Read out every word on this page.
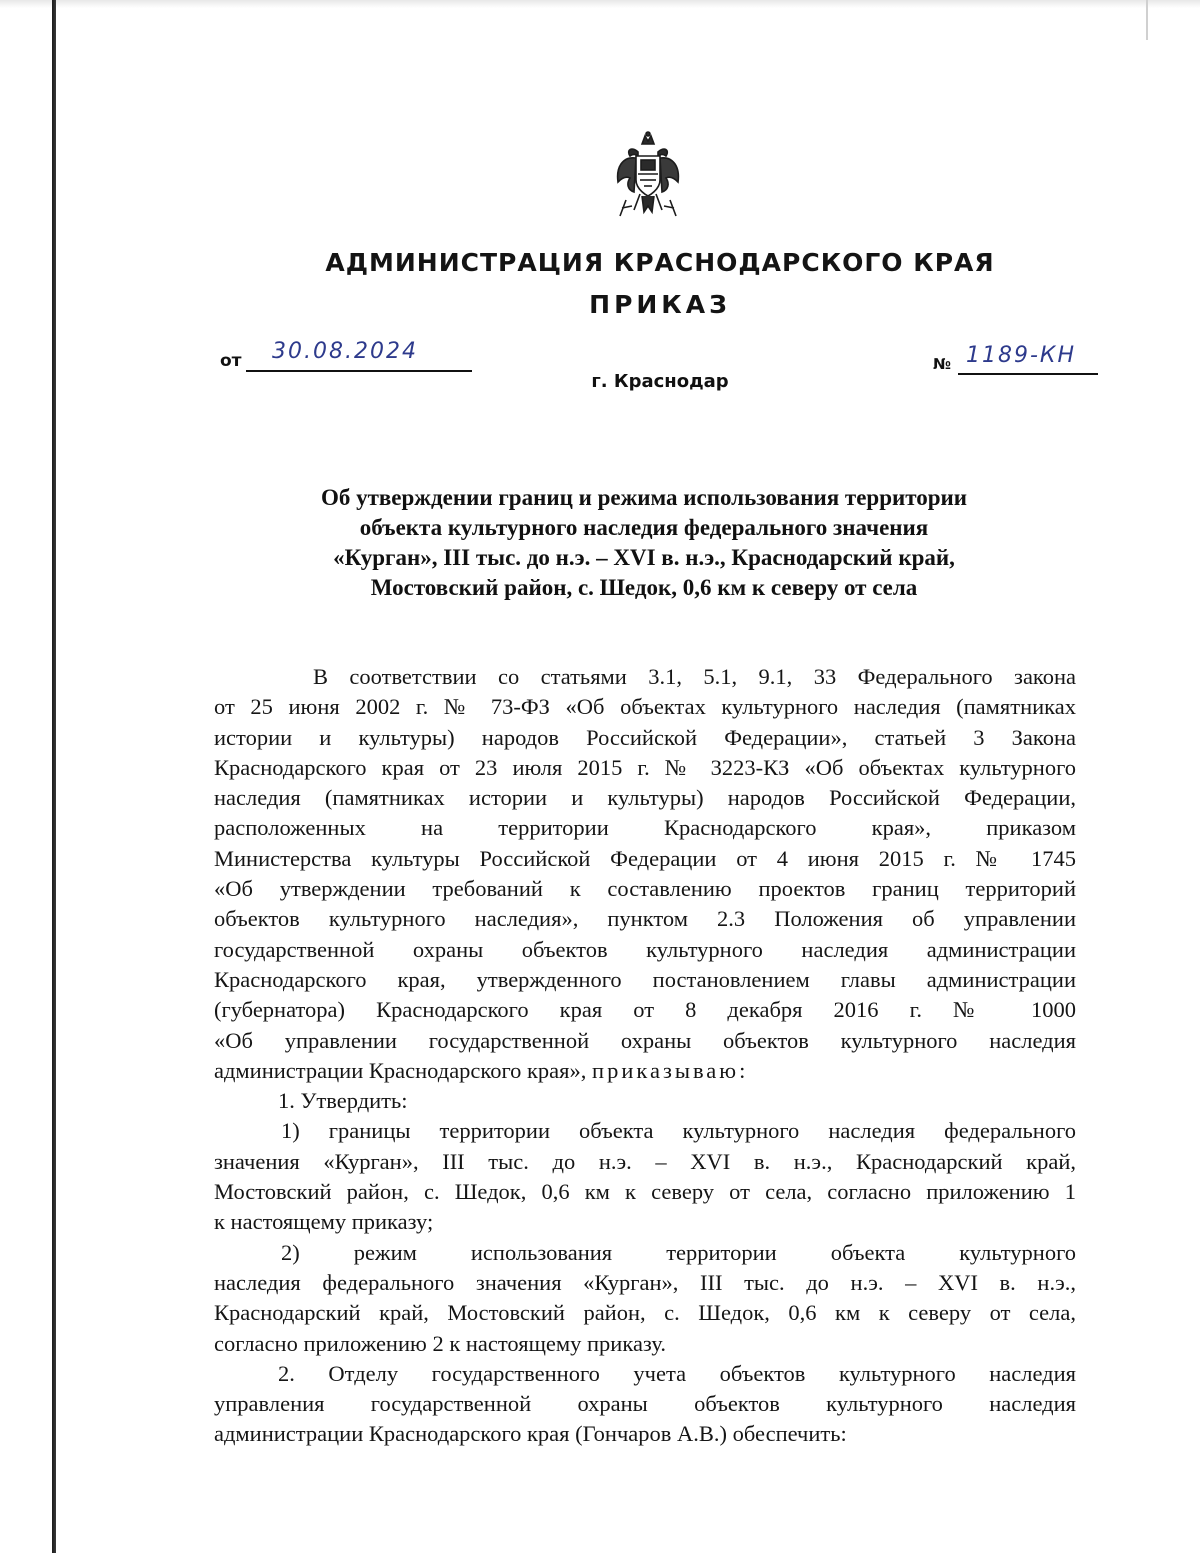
АДМИНИСТРАЦИЯ КРАСНОДАРСКОГО КРАЯ
ПРИКАЗ
от 30.08.2024
г. Краснодар
№ 1189-КН
Об утверждении границ и режима использования территории
объекта культурного наследия федерального значения
«Курган», III тыс. до н.э. – XVI в. н.э., Краснодарский край,
Мостовский район, с. Шедок, 0,6 км к северу от села
В соответствии со статьями 3.1, 5.1, 9.1, 33 Федерального закона
от 25 июня 2002 г. № 73-ФЗ «Об объектах культурного наследия (памятниках
истории и культуры) народов Российской Федерации», статьей 3 Закона
Краснодарского края от 23 июля 2015 г. № 3223-КЗ «Об объектах культурного
наследия (памятниках истории и культуры) народов Российской Федерации,
расположенных на территории Краснодарского края», приказом
Министерства культуры Российской Федерации от 4 июня 2015 г. № 1745
«Об утверждении требований к составлению проектов границ территорий
объектов культурного наследия», пунктом 2.3 Положения об управлении
государственной охраны объектов культурного наследия администрации
Краснодарского края, утвержденного постановлением главы администрации
(губернатора) Краснодарского края от 8 декабря 2016 г. № 1000
«Об управлении государственной охраны объектов культурного наследия
администрации Краснодарского края», приказываю:
1. Утвердить:
1) границы территории объекта культурного наследия федерального
значения «Курган», III тыс. до н.э. – XVI в. н.э., Краснодарский край,
Мостовский район, с. Шедок, 0,6 км к северу от села, согласно приложению 1
к настоящему приказу;
2) режим использования территории объекта культурного
наследия федерального значения «Курган», III тыс. до н.э. – XVI в. н.э.,
Краснодарский край, Мостовский район, с. Шедок, 0,6 км к северу от села,
согласно приложению 2 к настоящему приказу.
2. Отделу государственного учета объектов культурного наследия
управления государственной охраны объектов культурного наследия
администрации Краснодарского края (Гончаров А.В.) обеспечить:
